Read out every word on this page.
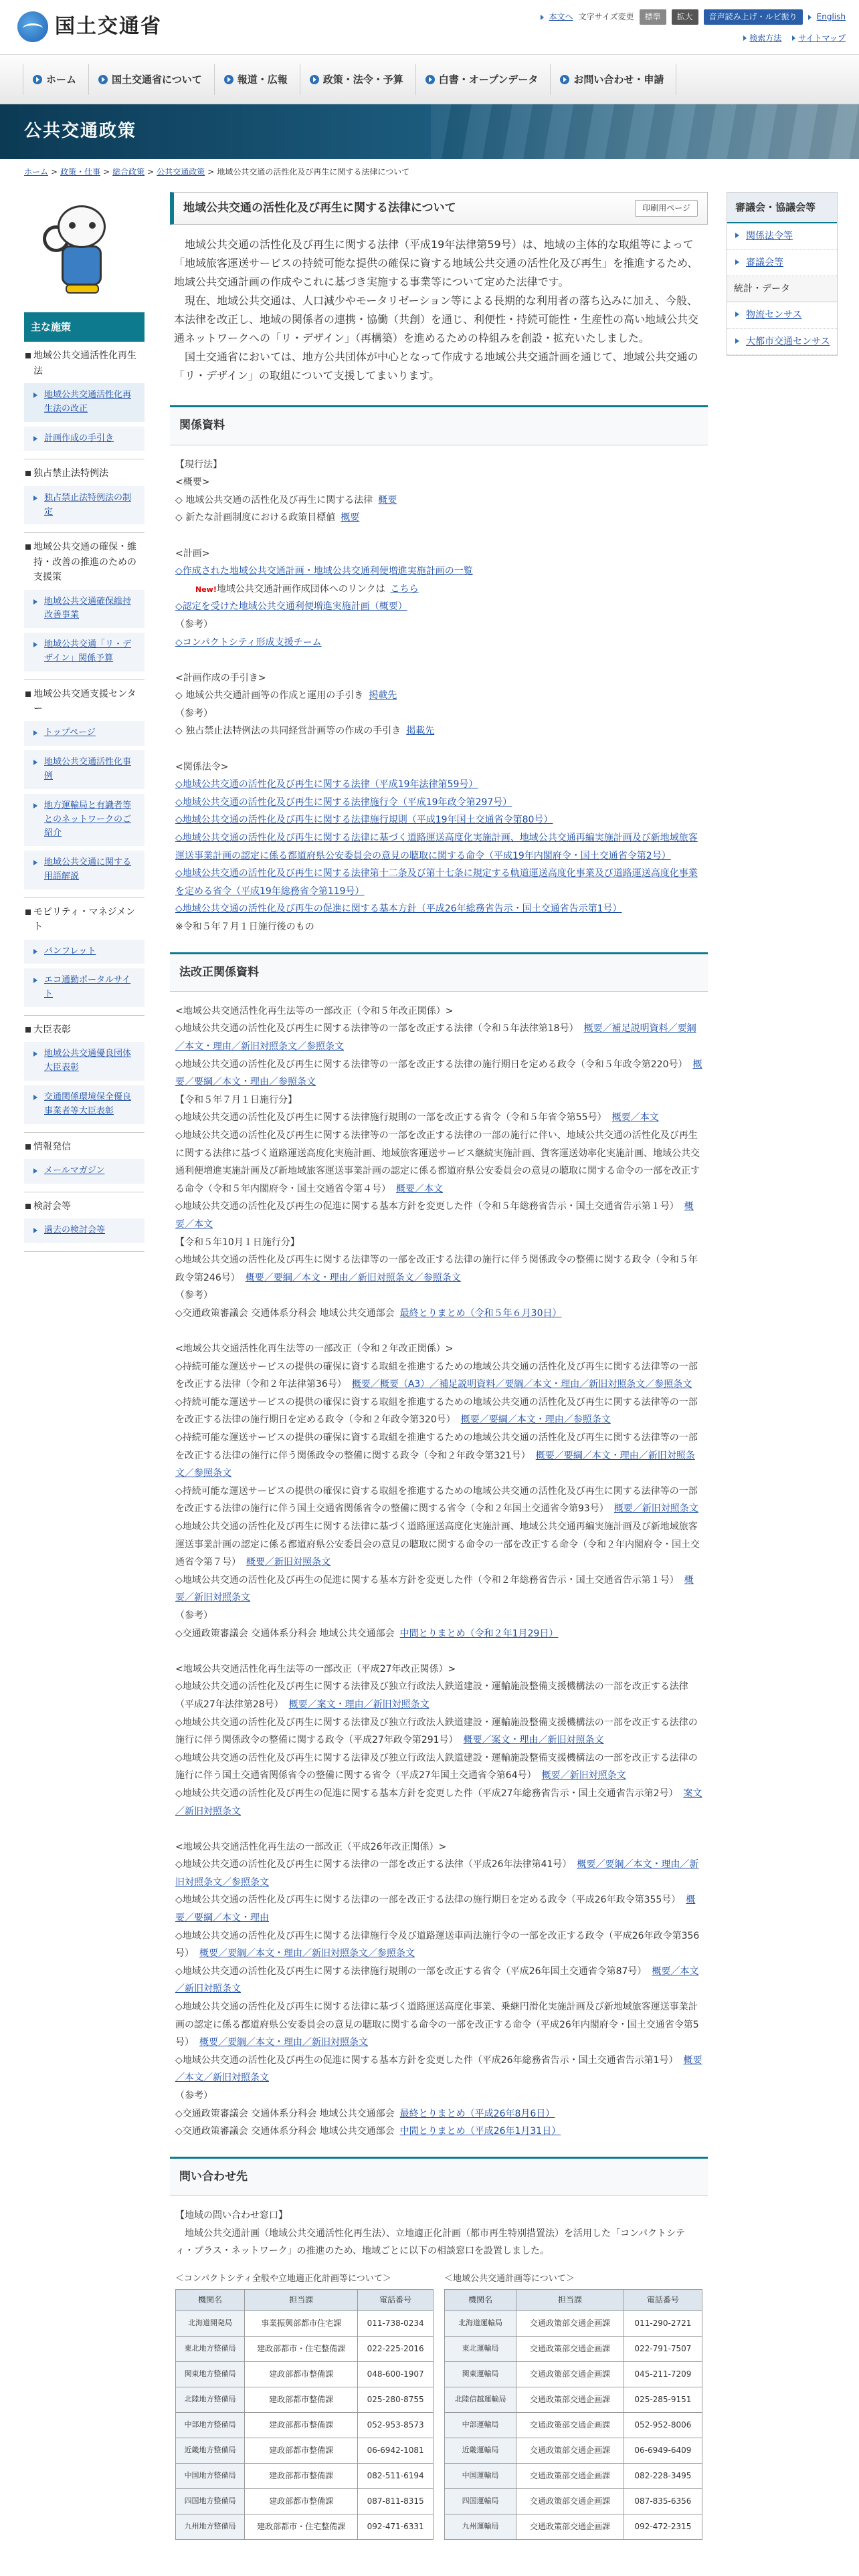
国土交通省	本文へ 文字サイズ変更	標準	拡大	音声読み上げ・ルビ振り	English
検索方法	サイトマップ
ホーム	国土交通省について	報道・広報	政策・法令・予算	白書・オープンデータ	お問い合わせ・申請
公共交通政策
ホーム > 政策・仕事 > 総合政策 > 公共交通政策 > 地域公共交通の活性化及び再生に関する法律について
主な施策
地域公共交通活性化再生法
地域公共交通活性化再生法の改正
計画作成の手引き
独占禁止法特例法
独占禁止法特例法の制定
地域公共交通の確保・維持・改善の推進のための支援策
地域公共交通確保維持改善事業
地域公共交通「リ・デザイン」関係予算
地域公共交通支援センター
トップページ
地域公共交通活性化事例
地方運輸局と有識者等とのネットワークのご紹介
地域公共交通に関する用語解説
モビリティ・マネジメント
パンフレット
エコ通勤ポータルサイト
大臣表彰
地域公共交通優良団体大臣表彰
交通関係環境保全優良事業者等大臣表彰
情報発信
メールマガジン
検討会等
過去の検討会等
地域公共交通の活性化及び再生に関する法律について	印刷用ページ

地域公共交通の活性化及び再生に関する法律（平成19年法律第59号）は、地域の主体的な取組等によって「地域旅客運送サービスの持続可能な提供の確保に資する地域公共交通の活性化及び再生」を推進するため、地域公共交通計画の作成やこれに基づき実施する事業等について定めた法律です。

現在、地域公共交通は、人口減少やモータリゼーション等による長期的な利用者の落ち込みに加え、今般、本法律を改正し、地域の関係者の連携・協働（共創）を通じ、利便性・持続可能性・生産性の高い地域公共交通ネットワークへの「リ・デザイン」（再構築）を進めるための枠組みを創設・拡充いたしました。

国土交通省においては、地方公共団体が中心となって作成する地域公共交通計画を通じて、地域公共交通の「リ・デザイン」の取組について支援してまいります。

関係資料
【現行法】
<概要>
◇ 地域公共交通の活性化及び再生に関する法律 概要
◇ 新たな計画制度における政策目標値 概要

<計画>
◇作成された地域公共交通計画・地域公共交通利便増進実施計画の一覧
New!地域公共交通計画作成団体へのリンクは こちら
◇認定を受けた地域公共交通利便増進実施計画（概要）
（参考）
◇コンパクトシティ形成支援チーム

<計画作成の手引き>
◇ 地域公共交通計画等の作成と運用の手引き 掲載先
（参考）
◇ 独占禁止法特例法の共同経営計画等の作成の手引き 掲載先

<関係法令>
◇地域公共交通の活性化及び再生に関する法律（平成19年法律第59号）
◇地域公共交通の活性化及び再生に関する法律施行令（平成19年政令第297号）
◇地域公共交通の活性化及び再生に関する法律施行規則（平成19年国土交通省令第80号）
◇地域公共交通の活性化及び再生に関する法律に基づく道路運送高度化実施計画、地域公共交通再編実施計画及び新地域旅客運送事業計画の認定に係る都道府県公安委員会の意見の聴取に関する命令（平成19年内閣府令・国土交通省令第2号）
◇地域公共交通の活性化及び再生に関する法律第十二条及び第十七条に規定する軌道運送高度化事業及び道路運送高度化事業を定める省令（平成19年総務省令第119号）
◇地域公共交通の活性化及び再生の促進に関する基本方針（平成26年総務省告示・国土交通省告示第1号）
※令和５年７月１日施行後のもの
法改正関係資料
<地域公共交通活性化再生法等の一部改正（令和５年改正関係）>
◇地域公共交通の活性化及び再生に関する法律等の一部を改正する法律（令和５年法律第18号） 概要／補足説明資料／要綱／本文・理由／新旧対照条文／参照条文
◇地域公共交通の活性化及び再生に関する法律等の一部を改正する法律の施行期日を定める政令（令和５年政令第220号） 概要／要綱／本文・理由／参照条文
【令和５年７月１日施行分】
◇地域公共交通の活性化及び再生に関する法律施行規則の一部を改正する省令（令和５年省令第55号） 概要／本文
◇地域公共交通の活性化及び再生に関する法律等の一部を改正する法律の一部の施行に伴い、地域公共交通の活性化及び再生に関する法律に基づく道路運送高度化実施計画、地域旅客運送サービス継続実施計画、貨客運送効率化実施計画、地域公共交通利便増進実施計画及び新地域旅客運送事業計画の認定に係る都道府県公安委員会の意見の聴取に関する命令の一部を改正する命令（令和５年内閣府令・国土交通省令第４号） 概要／本文
◇地域公共交通の活性化及び再生の促進に関する基本方針を変更した件（令和５年総務省告示・国土交通省告示第１号） 概要／本文
【令和５年10月１日施行分】
◇地域公共交通の活性化及び再生に関する法律等の一部を改正する法律の施行に伴う関係政令の整備に関する政令（令和５年政令第246号） 概要／要綱／本文・理由／新旧対照条文／参照条文
（参考）
◇交通政策審議会 交通体系分科会 地域公共交通部会 最終とりまとめ（令和５年６月30日）

<地域公共交通活性化再生法等の一部改正（令和２年改正関係）>
◇持続可能な運送サービスの提供の確保に資する取組を推進するための地域公共交通の活性化及び再生に関する法律等の一部を改正する法律（令和２年法律第36号） 概要／概要（A3）／補足説明資料／要綱／本文・理由／新旧対照条文／参照条文
◇持続可能な運送サービスの提供の確保に資する取組を推進するための地域公共交通の活性化及び再生に関する法律等の一部を改正する法律の施行期日を定める政令（令和２年政令第320号） 概要／要綱／本文・理由／参照条文
◇持続可能な運送サービスの提供の確保に資する取組を推進するための地域公共交通の活性化及び再生に関する法律等の一部を改正する法律の施行に伴う関係政令の整備に関する政令（令和２年政令第321号） 概要／要綱／本文・理由／新旧対照条文／参照条文
◇持続可能な運送サービスの提供の確保に資する取組を推進するための地域公共交通の活性化及び再生に関する法律等の一部を改正する法律の施行に伴う国土交通省関係省令の整備に関する省令（令和２年国土交通省令第93号） 概要／新旧対照条文
◇地域公共交通の活性化及び再生に関する法律に基づく道路運送高度化実施計画、地域公共交通再編実施計画及び新地域旅客運送事業計画の認定に係る都道府県公安委員会の意見の聴取に関する命令の一部を改正する命令（令和２年内閣府令・国土交通省令第７号） 概要／新旧対照条文
◇地域公共交通の活性化及び再生の促進に関する基本方針を変更した件（令和２年総務省告示・国土交通省告示第１号） 概要／新旧対照条文
（参考）
◇交通政策審議会 交通体系分科会 地域公共交通部会 中間とりまとめ（令和２年1月29日）

<地域公共交通活性化再生法等の一部改正（平成27年改正関係）>
◇地域公共交通の活性化及び再生に関する法律及び独立行政法人鉄道建設・運輸施設整備支援機構法の一部を改正する法律（平成27年法律第28号） 概要／案文・理由／新旧対照条文
◇地域公共交通の活性化及び再生に関する法律及び独立行政法人鉄道建設・運輸施設整備支援機構法の一部を改正する法律の施行に伴う関係政令の整備に関する政令（平成27年政令第291号） 概要／案文・理由／新旧対照条文
◇地域公共交通の活性化及び再生に関する法律及び独立行政法人鉄道建設・運輸施設整備支援機構法の一部を改正する法律の施行に伴う国土交通省関係省令の整備に関する省令（平成27年国土交通省令第64号） 概要／新旧対照条文
◇地域公共交通の活性化及び再生の促進に関する基本方針を変更した件（平成27年総務省告示・国土交通省告示第2号） 案文／新旧対照条文

<地域公共交通活性化再生法の一部改正（平成26年改正関係）>
◇地域公共交通の活性化及び再生に関する法律の一部を改正する法律（平成26年法律第41号） 概要／要綱／本文・理由／新旧対照条文／参照条文
◇地域公共交通の活性化及び再生に関する法律の一部を改正する法律の施行期日を定める政令（平成26年政令第355号） 概要／要綱／本文・理由
◇地域公共交通の活性化及び再生に関する法律施行令及び道路運送車両法施行令の一部を改正する政令（平成26年政令第356号） 概要／要綱／本文・理由／新旧対照条文／参照条文
◇地域公共交通の活性化及び再生に関する法律施行規則の一部を改正する省令（平成26年国土交通省令第87号） 概要／本文／新旧対照条文
◇地域公共交通の活性化及び再生に関する法律に基づく道路運送高度化事業、乗継円滑化実施計画及び新地域旅客運送事業計画の認定に係る都道府県公安委員会の意見の聴取に関する命令の一部を改正する命令（平成26年内閣府令・国土交通省令第5号） 概要／要綱／本文・理由／新旧対照条文
◇地域公共交通の活性化及び再生の促進に関する基本方針を変更した件（平成26年総務省告示・国土交通省告示第1号） 概要／本文／新旧対照条文
（参考）
◇交通政策審議会 交通体系分科会 地域公共交通部会 最終とりまとめ（平成26年8月6日）
◇交通政策審議会 交通体系分科会 地域公共交通部会 中間とりまとめ（平成26年1月31日）
問い合わせ先
【地域の問い合わせ窓口】
地域公共交通計画（地域公共交通活性化再生法）、立地適正化計画（都市再生特別措置法）を活用した「コンパクトシティ・プラス・ネットワーク」の推進のため、地域ごとに以下の相談窓口を設置しました。
＜コンパクトシティ全般や立地適正化計画等について＞
機関名	担当課	電話番号
北海道開発局	事業振興部都市住宅課	011-738-0234
東北地方整備局	建政部都市・住宅整備課	022-225-2016
関東地方整備局	建政部都市整備課	048-600-1907
北陸地方整備局	建政部都市整備課	025-280-8755
中部地方整備局	建政部都市整備課	052-953-8573
近畿地方整備局	建政部都市整備課	06-6942-1081
中国地方整備局	建政部都市整備課	082-511-6194
四国地方整備局	建政部都市整備課	087-811-8315
九州地方整備局	建政部都市・住宅整備課	092-471-6331
＜地域公共交通計画等について＞
機関名	担当課	電話番号
北海道運輸局	交通政策部交通企画課	011-290-2721
東北運輸局	交通政策部交通企画課	022-791-7507
関東運輸局	交通政策部交通企画課	045-211-7209
北陸信越運輸局	交通政策部交通企画課	025-285-9151
中部運輸局	交通政策部交通企画課	052-952-8006
近畿運輸局	交通政策部交通企画課	06-6949-6409
中国運輸局	交通政策部交通企画課	082-228-3495
四国運輸局	交通政策部交通企画課	087-835-6356
九州運輸局	交通政策部交通企画課	092-472-2315
審議会・協議会等
関係法令等
審議会等
統計・データ
物流センサス
大都市交通センサス
